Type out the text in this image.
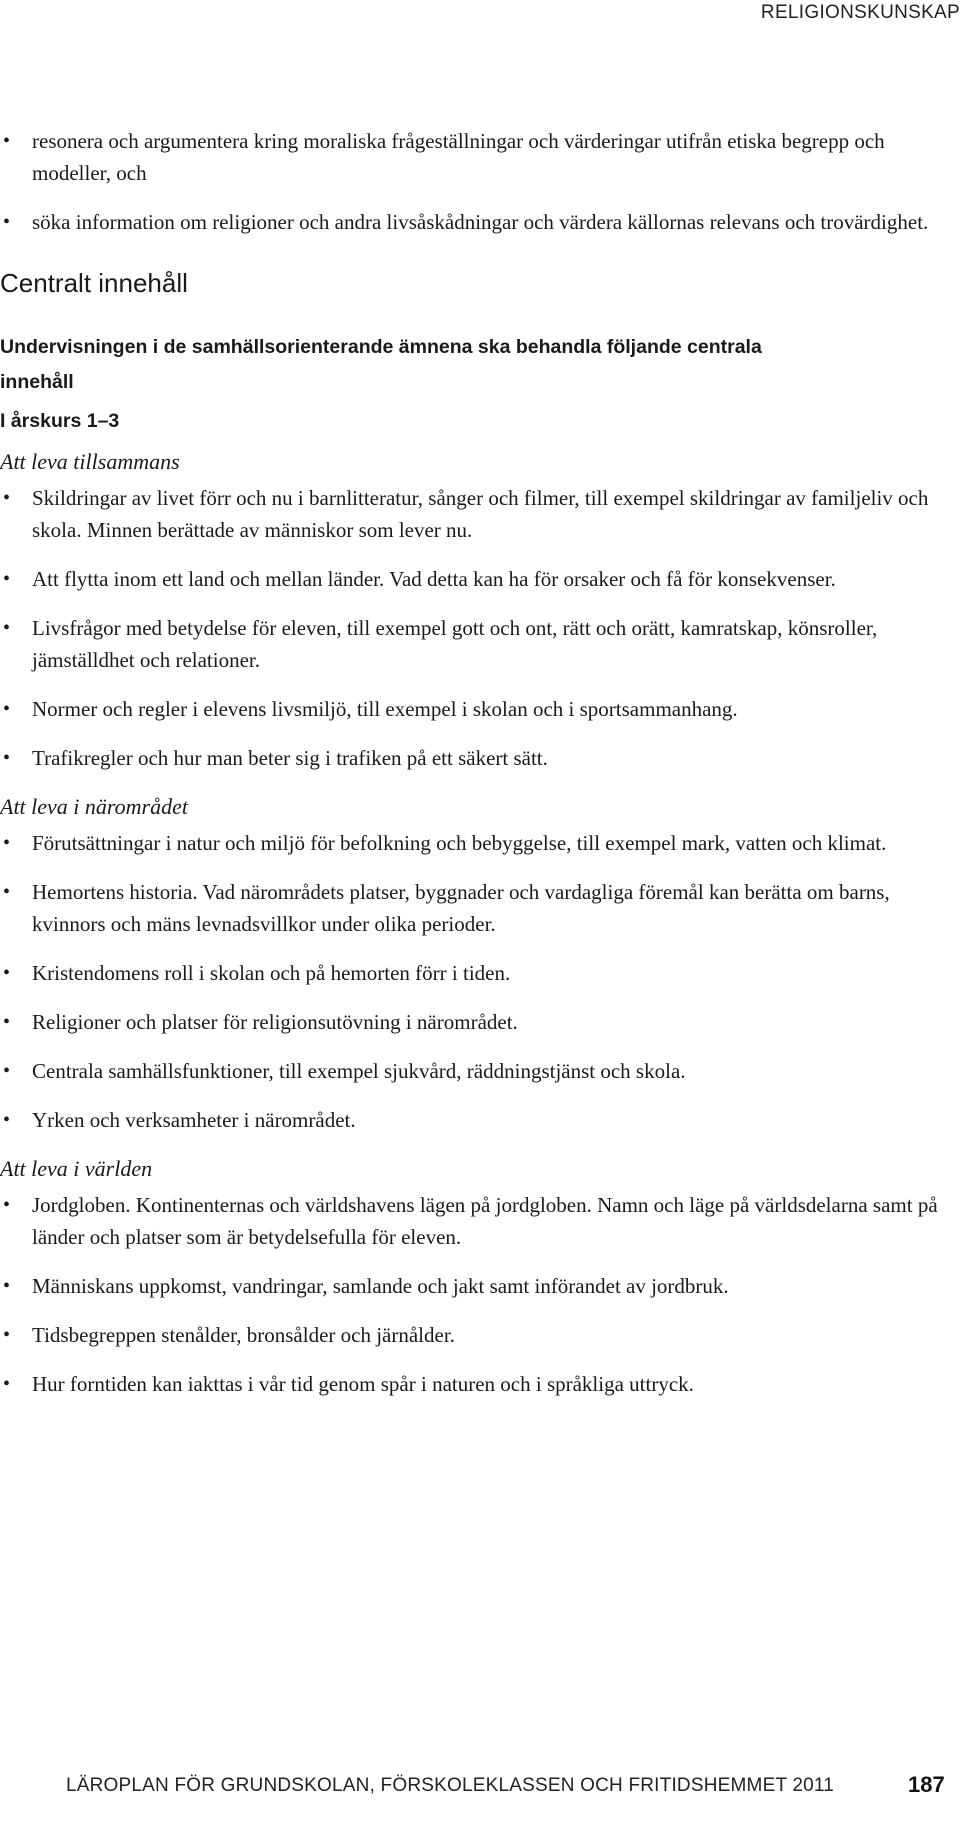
RELIGIONSKUNSKAP
• resonera och argumentera kring moraliska frågeställningar och värderingar utifrån etiska begrepp och modeller, och
• söka information om religioner och andra livsåskådningar och värdera källornas relevans och trovärdighet.
Centralt innehåll
Undervisningen i de samhällsorienterande ämnena ska behandla följande centrala innehåll
I årskurs 1–3
Att leva tillsammans
• Skildringar av livet förr och nu i barnlitteratur, sånger och filmer, till exempel skildringar av familjeliv och skola. Minnen berättade av människor som lever nu.
• Att flytta inom ett land och mellan länder. Vad detta kan ha för orsaker och få för konsekvenser.
• Livsfrågor med betydelse för eleven, till exempel gott och ont, rätt och orätt, kamratskap, könsroller, jämställdhet och relationer.
• Normer och regler i elevens livsmiljö, till exempel i skolan och i sportsammanhang.
• Trafikregler och hur man beter sig i trafiken på ett säkert sätt.
Att leva i närområdet
• Förutsättningar i natur och miljö för befolkning och bebyggelse, till exempel mark, vatten och klimat.
• Hemortens historia. Vad närområdets platser, byggnader och vardagliga föremål kan berätta om barns, kvinnors och mäns levnadsvillkor under olika perioder.
• Kristendomens roll i skolan och på hemorten förr i tiden.
• Religioner och platser för religionsutövning i närområdet.
• Centrala samhällsfunktioner, till exempel sjukvård, räddningstjänst och skola.
• Yrken och verksamheter i närområdet.
Att leva i världen
• Jordgloben. Kontinenternas och världshavens lägen på jordgloben. Namn och läge på världsdelarna samt på länder och platser som är betydelsefulla för eleven.
• Människans uppkomst, vandringar, samlande och jakt samt införandet av jordbruk.
• Tidsbegreppen stenålder, bronsålder och järnålder.
• Hur forntiden kan iakttas i vår tid genom spår i naturen och i språkliga uttryck.
LÄROPLAN FÖR GRUNDSKOLAN, FÖRSKOLEKLASSEN OCH FRITIDSHEMMET 2011	187
